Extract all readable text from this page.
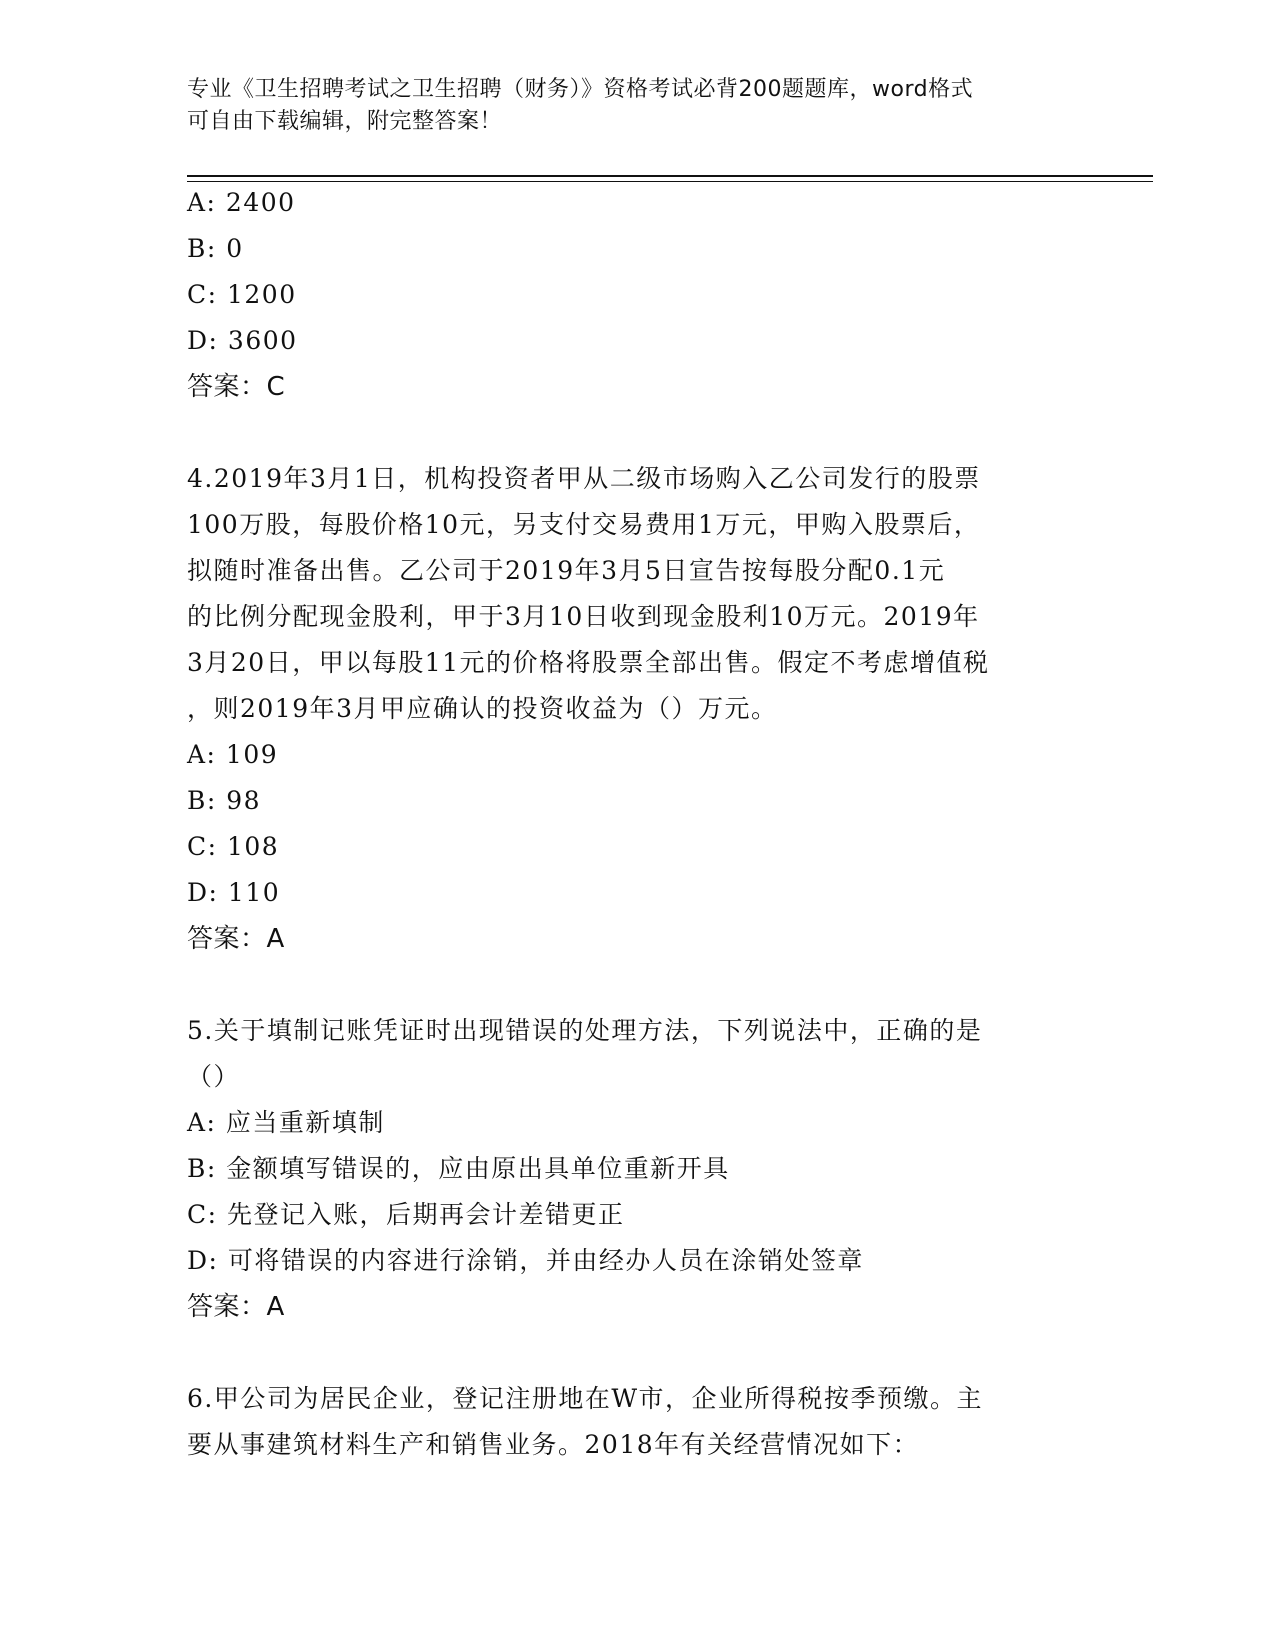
专业《卫生招聘考试之卫生招聘（财务）》资格考试必背200题题库，word格式
可自由下载编辑，附完整答案！
A: 2400
B: 0
C: 1200
D: 3600
答案：C
4.2019年3月1日，机构投资者甲从二级市场购入乙公司发行的股票
100万股，每股价格10元，另支付交易费用1万元，甲购入股票后，
拟随时准备出售。乙公司于2019年3月5日宣告按每股分配0.1元
的比例分配现金股利，甲于3月10日收到现金股利10万元。2019年
3月20日，甲以每股11元的价格将股票全部出售。假定不考虑增值税
，则2019年3月甲应确认的投资收益为（）万元。
A: 109
B: 98
C: 108
D: 110
答案：A
5.关于填制记账凭证时出现错误的处理方法，下列说法中，正确的是
（）
A: 应当重新填制
B: 金额填写错误的，应由原出具单位重新开具
C: 先登记入账，后期再会计差错更正
D: 可将错误的内容进行涂销，并由经办人员在涂销处签章
答案：A
6.甲公司为居民企业，登记注册地在W市，企业所得税按季预缴。主
要从事建筑材料生产和销售业务。2018年有关经营情况如下：
